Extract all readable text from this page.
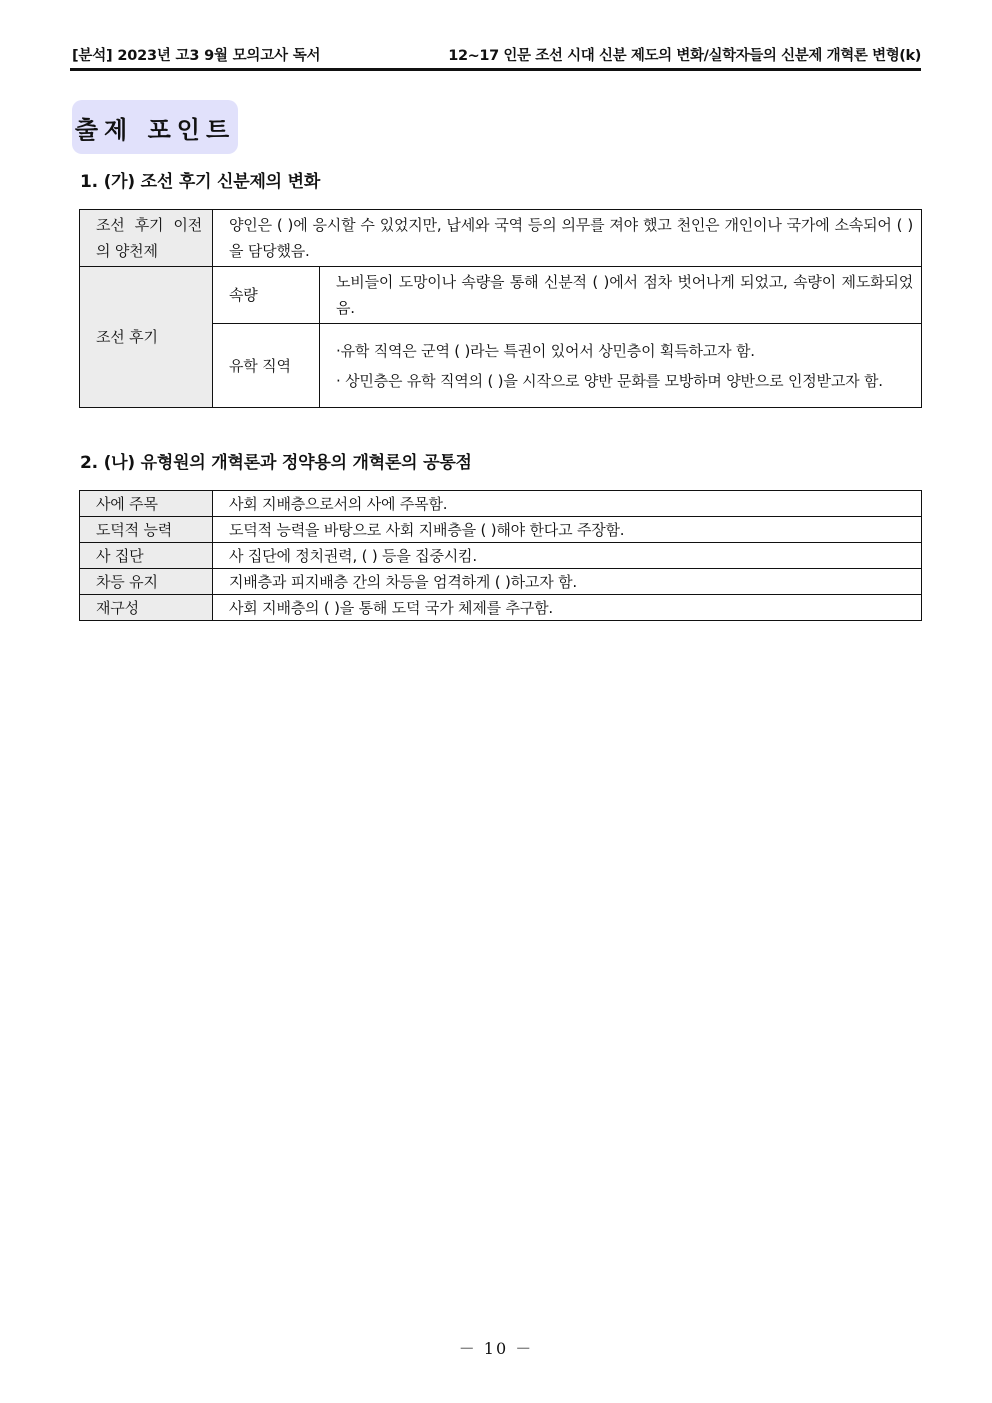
[분석] 2023년 고3 9월 모의고사 독서	12~17 인문 조선 시대 신분 제도의 변화/실학자들의 신분제 개혁론 변형(k)
출제 포인트
1. (가) 조선 후기 신분제의 변화
조선 후기 이전의 양천제	양인은 ( )에 응시할 수 있었지만, 납세와 국역 등의 의무를 져야 했고 천인은 개인이나 국가에 소속되어 ( )을 담당했음.	
조선 후기	속량	노비들이 도망이나 속량을 통해 신분적 ( )에서 점차 벗어나게 되었고, 속량이 제도화되었음.

	유학 직역	·유학 직역은 군역 ( )라는 특권이 있어서 상민층이 획득하고자 함.
· 상민층은 유학 직역의 ( )을 시작으로 양반 문화를 모방하며 양반으로 인정받고자 함.
2. (나) 유형원의 개혁론과 정약용의 개혁론의 공통점
사에 주목	사회 지배층으로서의 사에 주목함.
도덕적 능력	도덕적 능력을 바탕으로 사회 지배층을 ( )해야 한다고 주장함.
사 집단	사 집단에 정치권력, ( ) 등을 집중시킴.
차등 유지	지배층과 피지배층 간의 차등을 엄격하게 ( )하고자 함.
재구성	사회 지배층의 ( )을 통해 도덕 국가 체제를 추구함.
－ 10 －
